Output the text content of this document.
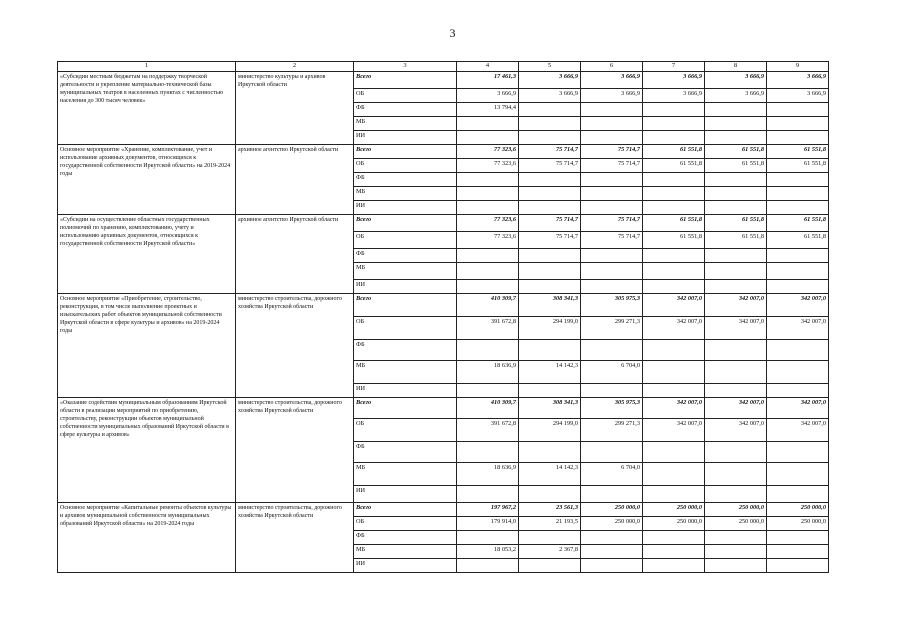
3
1	2	3	4	5	6	7	8	9
«Субсидии местным бюджетам на поддержку творческой деятельности и укрепление материально-технической базы муниципальных театров в населенных пунктах с численностью населения до 300 тысяч человек»	министерство культуры и архивов Иркутской области	Всего	17 461,3	3 666,9	3 666,9	3 666,9	3 666,9	3 666,9
		ОБ	3 666,9	3 666,9	3 666,9	3 666,9	3 666,9	3 666,9
		ФБ	13 794,4					
		МБ						
		ИИ						
Основное мероприятие «Хранение, комплектование, учет и использование архивных документов, относящихся к государственной собственности Иркутской области» на 2019-2024 годы	архивное агентство Иркутской области	Всего	77 323,6	75 714,7	75 714,7	61 551,8	61 551,8	61 551,8
		ОБ	77 323,6	75 714,7	75 714,7	61 551,8	61 551,8	61 551,8
		ФБ						
		МБ						
		ИИ						
«Субсидии на осуществление областных государственных полномочий по хранению, комплектованию, учету и использованию архивных документов, относящихся к государственной собственности Иркутской области»	архивное агентство Иркутской области	Всего	77 323,6	75 714,7	75 714,7	61 551,8	61 551,8	61 551,8
		ОБ	77 323,6	75 714,7	75 714,7	61 551,8	61 551,8	61 551,8
		ФБ						
		МБ						
		ИИ						
Основное мероприятие «Приобретение, строительство, реконструкция, в том числе выполнение проектных и изыскательских работ объектов муниципальной собственности Иркутской области в сфере культуры и архивов» на 2019-2024 годы	министерство строительства, дорожного хозяйства Иркутской области	Всего	410 309,7	308 341,3	305 975,3	342 007,0	342 007,0	342 007,0
		ОБ	391 672,8	294 199,0	299 271,3	342 007,0	342 007,0	342 007,0
		ФБ						
		МБ	18 636,9	14 142,3	6 704,0			
		ИИ						
«Оказание содействия муниципальным образованиям Иркутской области в реализации мероприятий по приобретению, строительству, реконструкции объектов муниципальной собственности муниципальных образований Иркутской области в сфере культуры и архивов»	министерство строительства, дорожного хозяйства Иркутской области	Всего	410 309,7	308 341,3	305 975,3	342 007,0	342 007,0	342 007,0
		ОБ	391 672,8	294 199,0	299 271,3	342 007,0	342 007,0	342 007,0
		ФБ						
		МБ	18 636,9	14 142,3	6 704,0			
		ИИ						
Основное мероприятие «Капитальные ремонты объектов культуры и архивов муниципальной собственности муниципальных образований Иркутской области» на 2019-2024 годы	министерство строительства, дорожного хозяйства Иркутской области	Всего	197 967,2	23 561,3	250 000,0	250 000,0	250 000,0	250 000,0
		ОБ	179 914,0	21 193,5	250 000,0	250 000,0	250 000,0	250 000,0
		ФБ						
		МБ	18 053,2	2 367,8				
		ИИ						
